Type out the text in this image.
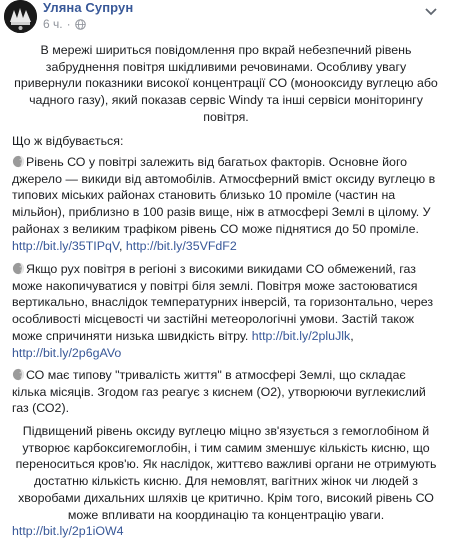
Уляна Супрун
6 ч. ·

В мережі шириться повідомлення про вкрай небезпечний рівень забруднення повітря шкідливими речовинами. Особливу увагу привернули показники високої концентрації СО (монооксиду вуглецю або чадного газу), який показав сервіс Windy та інші сервіси моніторингу повітря.

Що ж відбувається:

Рівень СО у повітрі залежить від багатьох факторів. Основне його джерело — викиди від автомобілів. Атмосферний вміст оксиду вуглецю в типових міських районах становить близько 10 проміле (частин на мільйон), приблизно в 100 разів вище, ніж в атмосфері Землі в цілому. У районах з великим трафіком рівень СО може піднятися до 50 проміле. http://bit.ly/35TIPqV, http://bit.ly/35VFdF2

Якщо рух повітря в регіоні з високими викидами СО обмежений, газ може накопичуватися у повітрі біля землі. Повітря може застоюватися вертикально, внаслідок температурних інверсій, та горизонтально, через особливості місцевості чи застійні метеорологічні умови. Застій також може спричиняти низька швидкість вітру. http://bit.ly/2pluJlk, http://bit.ly/2p6gAVo

СО має типову "тривалість життя" в атмосфері Землі, що складає кілька місяців. Згодом газ реагує з киснем (О2), утворюючи вуглекислий газ (СО2).

Підвищений рівень оксиду вуглецю міцно зв'язується з гемоглобіном й утворює карбоксигемоглобін, і тим самим зменшує кількість кисню, що переноситься кров'ю. Як наслідок, життєво важливі органи не отримують достатню кількість кисню. Для немовлят, вагітних жінок чи людей з хворобами дихальних шляхів це критично. Крім того, високий рівень СО може впливати на координацію та концентрацію уваги.

http://bit.ly/2p1iOW4
